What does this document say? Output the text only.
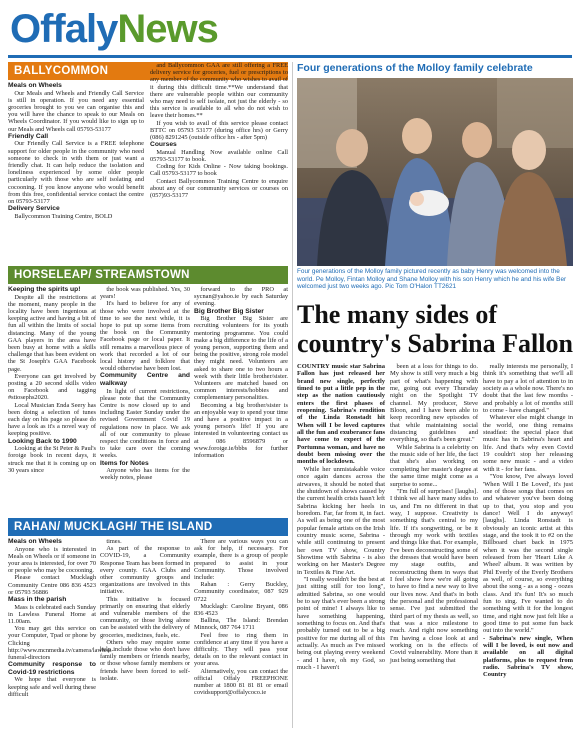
OffalyNews
BALLYCOMMON

Meals on Wheels

 Our Meals and Wheels and Friendly Call Service is still in operation. If you need any essential groceries brought to you we can organise this and you will have the chance to speak to our Meals on Wheels Coordinator. If you would like to sign up to our Meals and Wheels call 05793-53177

Friendly Call

 Our Friendly Call Service is a FREE telephone support for older people in the community who need someone to check in with them or just want a friendly chat. It can help reduce the isolation and loneliness experienced by some older people particularly with those who are self isolating and cocooning. If you know anyone who would benefit from this free, confidential service contact the centre on 05793-53177

Delivery Service

 Ballycommon Training Centre, BOLD

 and Ballycommon GAA are still offering a FREE delivery service for groceries, fuel or prescriptions to any member of the community who wishes to avail of it during this difficult time.**We understand that there are vulnerable people within our community who may need to self isolate, not just the elderly - so this service is available to all who do not wish to leave their homes.**

 If you wish to avail of this service please contact BTTC on 05793 53177 (during office hrs) or Gerry (086) 8291245 (outside office hrs - after 5pm)

Courses

 Manual Handling Now available online Call 05793-53177 to book.

 Coding for Kids Online - Now taking bookings. Call 05793-53177 to book

 Contact Ballycommon Training Centre to enquire about any of our community services or courses on (057)93-53177

HORSELEAP/ STREAMSTOWN

Keeping the spirits up!

 Despite all the restrictions at the moment, many people in the locality have been ingenious at keeping active and having a bit of fun all within the limits of social distancing. Many of the young GAA players in the area have been busy at home with a skills challenge that has been evident on the St Joseph's GAA Facebook page.

 Everyone can get involved by posting a 20 second skills video on Facebook and tagging #stiosephs2020.

 Local Musician Enda Seery has been doing a selection of tunes each day on his page so please do have a look as it's a novel way of keeping positive.

Looking Back to 1990

 Looking at the St Peter & Paul's foroige book in recent days, it struck me that it is coming up on 30 years since

 the book was published. Yes, 30 years!

 It's hard to believe for any of those who were involved at the time to see the next while, it is hope to put up some items from the book on the Community Facebook page or local paper. It still remains a marvellous piece of work that recorded a lot of our local history and folklore that would otherwise have been lost.

Community Centre and walkway

 In light of current restrictions, please note that the Community Centre is now closed up to and including Easter Sunday under the revised Government Covid 19 regulations now in place. We ask all of our community to please respect the conditions in force and to take care over the coming weeks.

Items for Notes

 Anyone who has items for the weekly notes, please

 forward to the PRO at sycnan@yahoo.ie by each Saturday evening.

Big Brother Big Sister

 Big Brother Big Sister are recruiting volunteers for its youth mentoring programme. You could make a big difference to the life of a young person, supporting them and being the positive, strong role model they might need. Volunteers are asked to share one to two hours a week with their little brother/sister. Volunteers are matched based on common interests/hobbies and complementary personalities.

 Becoming a big brother/sister is an enjoyable way to spend your time and have a positive impact in a young person's life! If you are interested in volunteering contact us at 086 8596879 or www.foroige.ie/bbbs for further information

RAHAN/ MUCKLAGH/ THE ISLAND

Meals on Wheels

 Anyone who is interested in Meals on Wheels or if someone in your area is interested, for over 70 or people who may be cocooning.

 Please contact Mucklagh Community Centre 086 836 4523 or 05793 56886

Mass in the parish

 Mass is celebrated each Sunday in Lawless Funeral Home at 11.00am.

 You may get this service on your Computer, Tpad or phone by Clicking http://www.mcnmedia.tv/camera/lawless-funeral-directors

Community response to Covid-19 restrictions

 We hope that everyone is keeping safe and well during these difficult

 times.

 As part of the response to COVID-19, a Community Response Team has been formed in every county. GAA Clubs and other community groups and organizations are involved in this initiative.

 This initiative is focused primarily on ensuring that elderly and vulnerable members of the community, or those living alone can be assisted with the delivery of groceries, medicines, fuels, etc.

 Others who may require some help include those who don't have family members or friends nearby, or those whose family members or friends have been forced to self-isolate.

 There are various ways you can ask for help, if necessary. For example, there is a group of people prepared to assist in your Community. Those involved include:

 Rahan : Gerry Buckley, Community coordinator, 087 929 0722

 Mucklagh: Caroline Bryant, 086 836 4523

 Ballina, The Island: Brendan Minnock, 087 764 1711

 Feel free to ring them in confidence at any time if you have a difficulty. They will pass your details on to the relevant contact in your area.

 Alternatively, you can contact the official Offaly FREEPHONE number at 1800 81 81 81 or email covidsupport@offalycoco.ie

Four generations of the Molloy family celebrate
Four generations of the Molloy family pictured recently as baby Henry was welcomed into the world. Pe Molloy, Fintan Molloy and Shane Molloy with his son Henry which he and his wife Ber welcomed just two weeks ago. Pic Tom O'Halon TT2621
The many sides of
country's Sabrina Fallon

COUNTRY music star Sabrina Fallon has just released her brand new single, perfectly timed to put a little pep in the step as the nation cautiously enters the first phases of reopening. Sabrina's rendition of the Linda Ronstadt hit When will I be loved captures all the fun and exuberance fans have come to expect of the Portumna woman, and have no doubt been missing over the months of lockdown.

 While her unmistakable voice once again dances across the airwaves, it should be noted that the shutdown of shows caused by the current health crisis hasn't left Sabrina kicking her heels in boredom. Far, far from it, in fact. As well as being one of the most popular female artists on the Irish country music scene, Sabrina - while still continuing to present her own TV show, Country Showtime with Sabrina - is also working on her Master's Degree in Textiles & Fine Art.

 "I really wouldn't be the best at just sitting still for too long", admitted Sabrina, so one would be to say that's ever been a strong point of mine! I always like to have something happening, something to focus on. And that's probably turned out to be a big positive for me during all of this actually. As much as I've missed being out playing every weekend - and I have, oh my God, so much - I haven't

 been at a loss for things to do. My show is still very much a big part of what's happening with me, going out every Thursday night on the Spotlight TV channel. My producer, Steve Bloon, and I have been able to keep recording new episodes of that while maintaining social distancing guidelines and everything, so that's been great."

 While Sabrina is a celebrity on the music side of her life, the fact that she's also working on completing her master's degree at the same time might come as a surprise to some...

 "I'm full of surprises! [laughs]. I think we all have many sides to us, and I'm no different in that way, I suppose. Creativity is something that's central to my life. If it's songwriting, or be it through my work with textiles and things like that. For example, I've been deconstructing some of the dresses that would have been my stage outfits, and reconstructing them in ways that I feel show how we're all going to have to find a new way to live our lives now. And that's in both the personal and the professional sense. I've just submitted the third part of my thesis as well, so that was a nice milestone to reach. And right now something I'm having a close look at and working on is the effects of Covid vulnerability. More than it just being something that

 really interests me personally, I think it's something that we'll all have to pay a lot of attention to in society as a whole now. There's no doubt that the last few months - and probably a lot of months still to come - have changed."

 Whatever else might change in the world, one thing remains steadfast: the special place that music has in Sabrina's heart and life. And that's why even Covid 19 couldn't stop her releasing some new music - and a video with it - for her fans.

 "You know, I've always loved 'When Will I Be Loved', it's just one of those songs that comes on and whatever you've been doing up to that, you stop and you dance! Well I do anyway! [laughs]. Linda Ronstadt is obviously an iconic artist at this stage, and the took it to #2 on the Billboard chart back in 1975 when it was the second single released from her 'Heart Like A Wheel' album. It was written by Phil Everly of the Everly Brothers as well, of course, so everything about the song - as a song - oozes class. And it's fun! It's so much fun to sing. I've wanted to do something with it for the longest time, and right now just felt like a good time to put some fun back out into the world."

- Sabrina's new single, When will I be loved, is out now and available on all digital platforms, plus to request from radio. Sabrina's TV show, Country
